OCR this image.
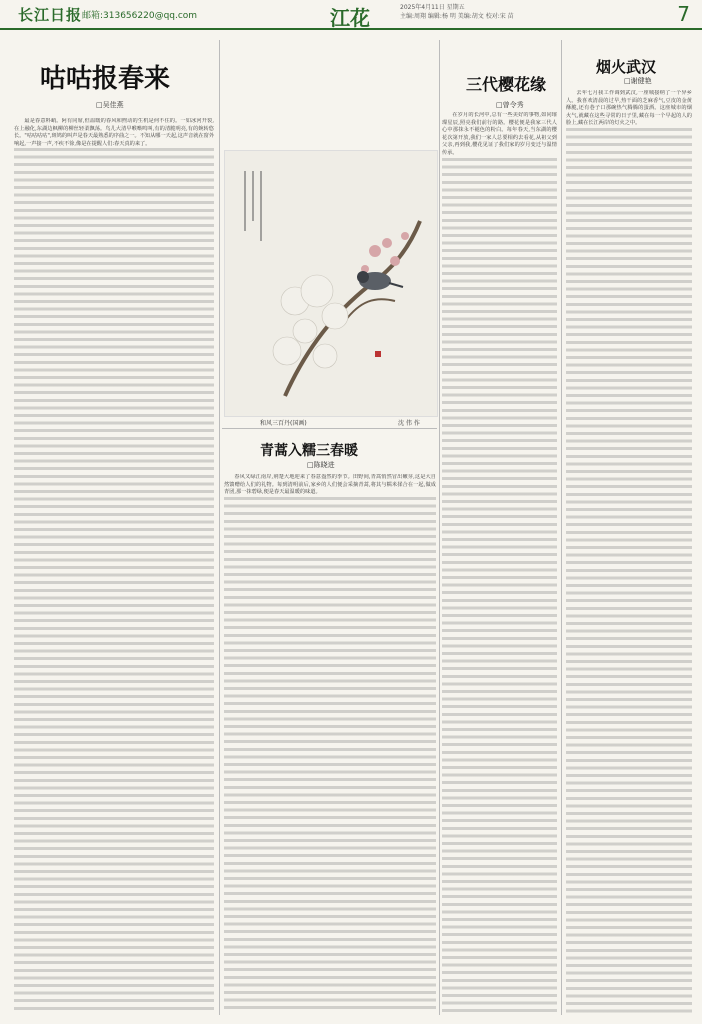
长江日报 邮箱:313656220@qq.com	江花	2025年4月11日 星期五
主编:周翔 编辑:杨 明 美编:胡文 校对:宋 苗	7
咕咕报春来
□吴佳燕

最是春意料峭。阿有同席,但温暖的春风和煦动的生机是何不住的。一如冰河开裂,在上融化,东湖边枫柳的柳丝轻柔飘荡。鸟儿大清早喉啭鸣叫,有的清脆明亮,有的婉转悠长。"咕咕咕咕",斑鸠的叫声是春天最熟悉的序曲之一。不知从哪一天起,这声音就在窗外响起,一声接一声,不疾不徐,像是在提醒人们:春天真的来了。

和风三百丹(国画)	沈 伟 作
青蒿入糯三春暖
□陈晓进

春风又绿江南岸,荆楚大地迎来了春意盎然的季节。田野间,青蒿悄然冒出嫩芽,这是大自然馈赠给人们的礼物。每到清明前后,家乡的人们便会采摘青蒿,将其与糯米揉合在一起,做成青团,那一抹碧绿,便是春天最温暖的味道。

三代樱花缘
□曾令秀

在岁月的长河中,总有一些美好的事物,如同璀璨星辰,照亮我们前行的路。樱花便是我家三代人心中那抹永不褪色的粉白。每年春天,当东湖的樱花次第开放,我们一家人总要相约去看花,从祖父到父亲,再到我,樱花见证了我们家的岁月变迁与温情传承。

烟火武汉
□谢健艳

去年七月我工作调到武汉,一座城接纳了一个异乡人。我喜欢清晨的过早,热干面的芝麻香气,豆皮的金黄酥脆,还有巷子口那碗热气腾腾的蛋酒。这座城市的烟火气,就藏在这些寻常的日子里,藏在每一个早起的人的脸上,藏在长江两岸的灯火之中。
